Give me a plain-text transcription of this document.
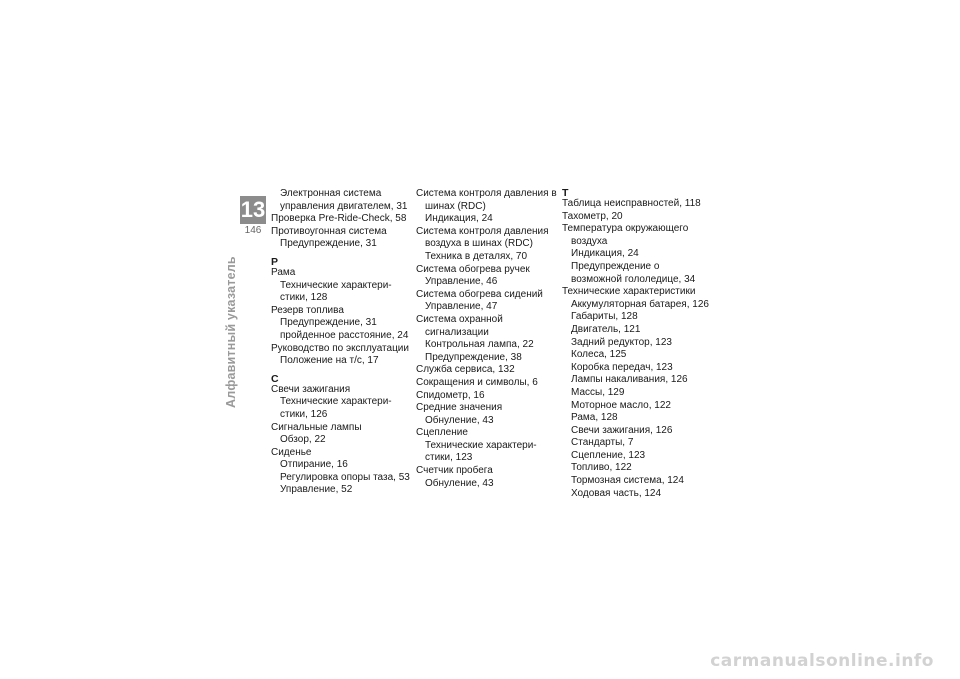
13
146
Алфавитный указатель
Электронная система
управления двигателем, 31
Проверка Pre-Ride-Check, 58
Противоугонная система
Предупреждение, 31
Р
Рама
Технические характери-
стики, 128
Резерв топлива
Предупреждение, 31
пройденное расстояние, 24
Руководство по эксплуатации
Положение на т/с, 17
С
Свечи зажигания
Технические характери-
стики, 126
Сигнальные лампы
Обзор, 22
Сиденье
Отпирание, 16
Регулировка опоры таза, 53
Управление, 52
Система контроля давления в
шинах (RDC)
Индикация, 24
Система контроля давления
воздуха в шинах (RDC)
Техника в деталях, 70
Система обогрева ручек
Управление, 46
Система обогрева сидений
Управление, 47
Система охранной
сигнализации
Контрольная лампа, 22
Предупреждение, 38
Служба сервиса, 132
Сокращения и символы, 6
Спидометр, 16
Средние значения
Обнуление, 43
Сцепление
Технические характери-
стики, 123
Счетчик пробега
Обнуление, 43
Т
Таблица неисправностей, 118
Тахометр, 20
Температура окружающего
воздуха
Индикация, 24
Предупреждение о
возможной гололедице, 34
Технические характеристики
Аккумуляторная батарея, 126
Габариты, 128
Двигатель, 121
Задний редуктор, 123
Колеса, 125
Коробка передач, 123
Лампы накаливания, 126
Массы, 129
Моторное масло, 122
Рама, 128
Свечи зажигания, 126
Стандарты, 7
Сцепление, 123
Топливо, 122
Тормозная система, 124
Ходовая часть, 124
carmanualsonline.info
